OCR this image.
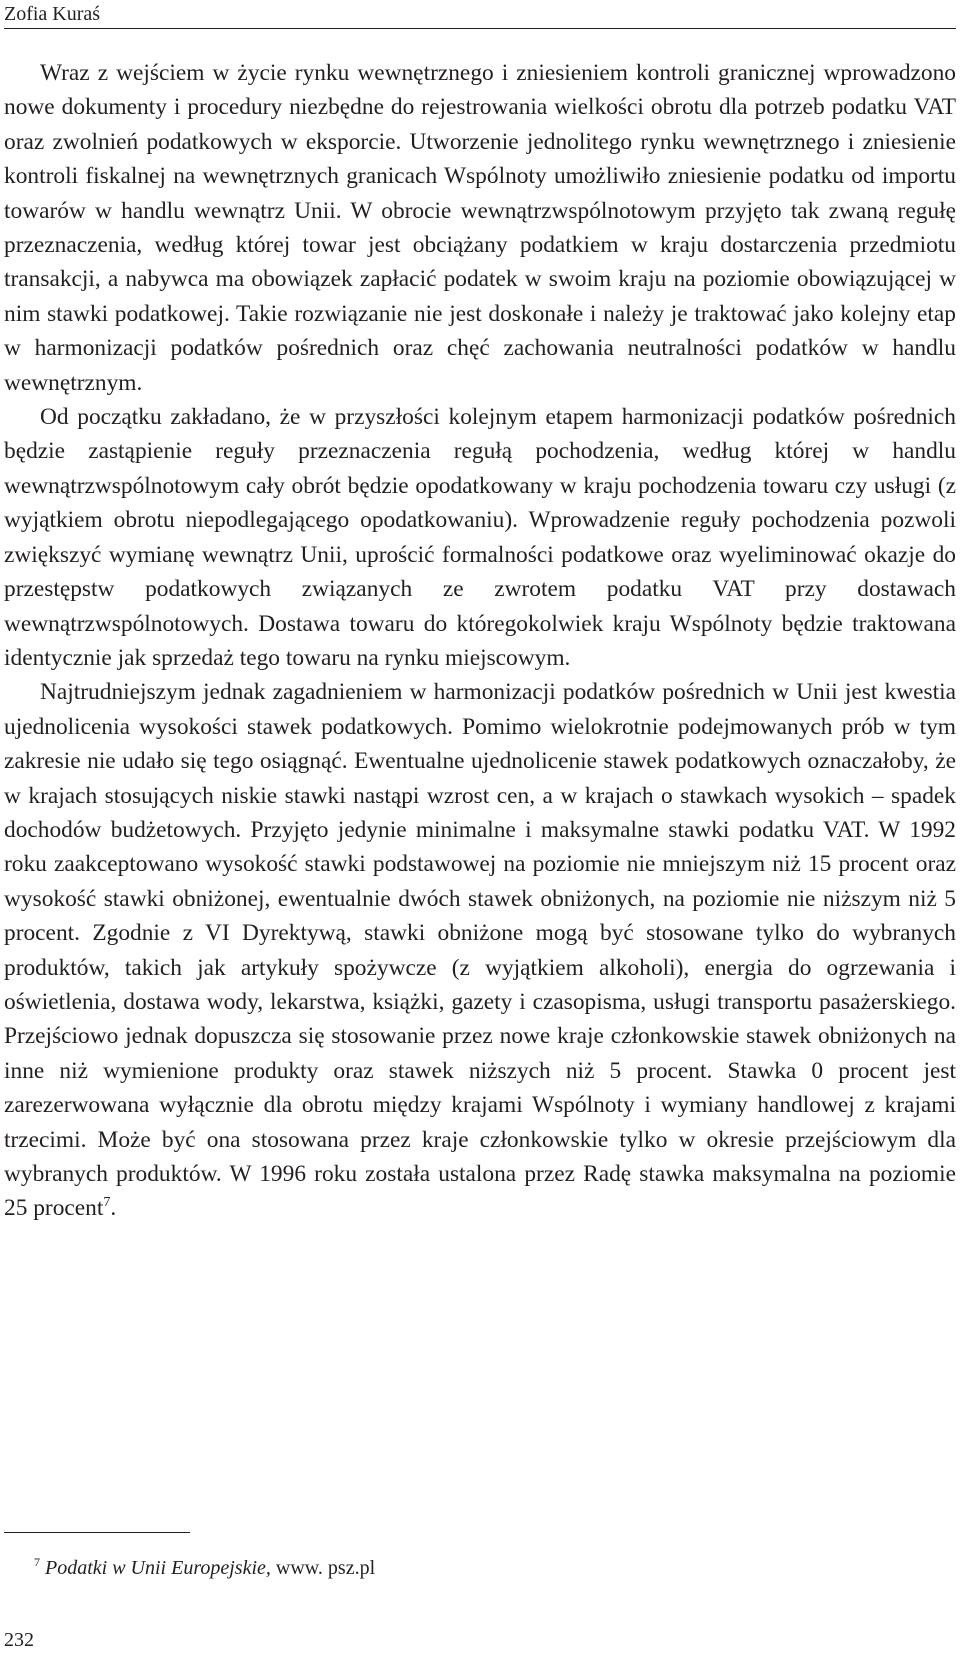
Zofia Kuraś

Wraz z wejściem w życie rynku wewnętrznego i zniesieniem kontroli granicznej wprowadzono nowe dokumenty i procedury niezbędne do rejestrowania wielkości obrotu dla potrzeb podatku VAT oraz zwolnień podatkowych w eksporcie. Utworzenie jednolitego rynku wewnętrznego i zniesienie kontroli fiskalnej na wewnętrznych granicach Wspólnoty umożliwiło zniesienie podatku od importu towarów w handlu wewnątrz Unii. W obrocie wewnątrzwspólnotowym przyjęto tak zwaną regułę przeznaczenia, według której towar jest obciążany podatkiem w kraju dostarczenia przedmiotu transakcji, a nabywca ma obowiązek zapłacić podatek w swoim kraju na poziomie obowiązującej w nim stawki podatkowej. Takie rozwiązanie nie jest doskonałe i należy je traktować jako kolejny etap w harmonizacji podatków pośrednich oraz chęć zachowania neutralności podatków w handlu wewnętrznym.

Od początku zakładano, że w przyszłości kolejnym etapem harmonizacji podatków pośrednich będzie zastąpienie reguły przeznaczenia regułą pochodzenia, według której w handlu wewnątrzwspólnotowym cały obrót będzie opodatkowany w kraju pochodzenia towaru czy usługi (z wyjątkiem obrotu niepodlegającego opodatkowaniu). Wprowadzenie reguły pochodzenia pozwoli zwiększyć wymianę wewnątrz Unii, uprościć formalności podatkowe oraz wyeliminować okazje do przestępstw podatkowych związanych ze zwrotem podatku VAT przy dostawach wewnątrzwspólnotowych. Dostawa towaru do któregokolwiek kraju Wspólnoty będzie traktowana identycznie jak sprzedaż tego towaru na rynku miejscowym.

Najtrudniejszym jednak zagadnieniem w harmonizacji podatków pośrednich w Unii jest kwestia ujednolicenia wysokości stawek podatkowych. Pomimo wielokrotnie podejmowanych prób w tym zakresie nie udało się tego osiągnąć. Ewentualne ujednolicenie stawek podatkowych oznaczałoby, że w krajach stosujących niskie stawki nastąpi wzrost cen, a w krajach o stawkach wysokich – spadek dochodów budżetowych. Przyjęto jedynie minimalne i maksymalne stawki podatku VAT. W 1992 roku zaakceptowano wysokość stawki podstawowej na poziomie nie mniejszym niż 15 procent oraz wysokość stawki obniżonej, ewentualnie dwóch stawek obniżonych, na poziomie nie niższym niż 5 procent. Zgodnie z VI Dyrektywą, stawki obniżone mogą być stosowane tylko do wybranych produktów, takich jak artykuły spożywcze (z wyjątkiem alkoholi), energia do ogrzewania i oświetlenia, dostawa wody, lekarstwa, książki, gazety i czasopisma, usługi transportu pasażerskiego. Przejściowo jednak dopuszcza się stosowanie przez nowe kraje członkowskie stawek obniżonych na inne niż wymienione produkty oraz stawek niższych niż 5 procent. Stawka 0 procent jest zarezerwowana wyłącznie dla obrotu między krajami Wspólnoty i wymiany handlowej z krajami trzecimi. Może być ona stosowana przez kraje członkowskie tylko w okresie przejściowym dla wybranych produktów. W 1996 roku została ustalona przez Radę stawka maksymalna na poziomie 25 procent$^7$.

$^7$ Podatki w Unii Europejskie, www. psz.pl
232
